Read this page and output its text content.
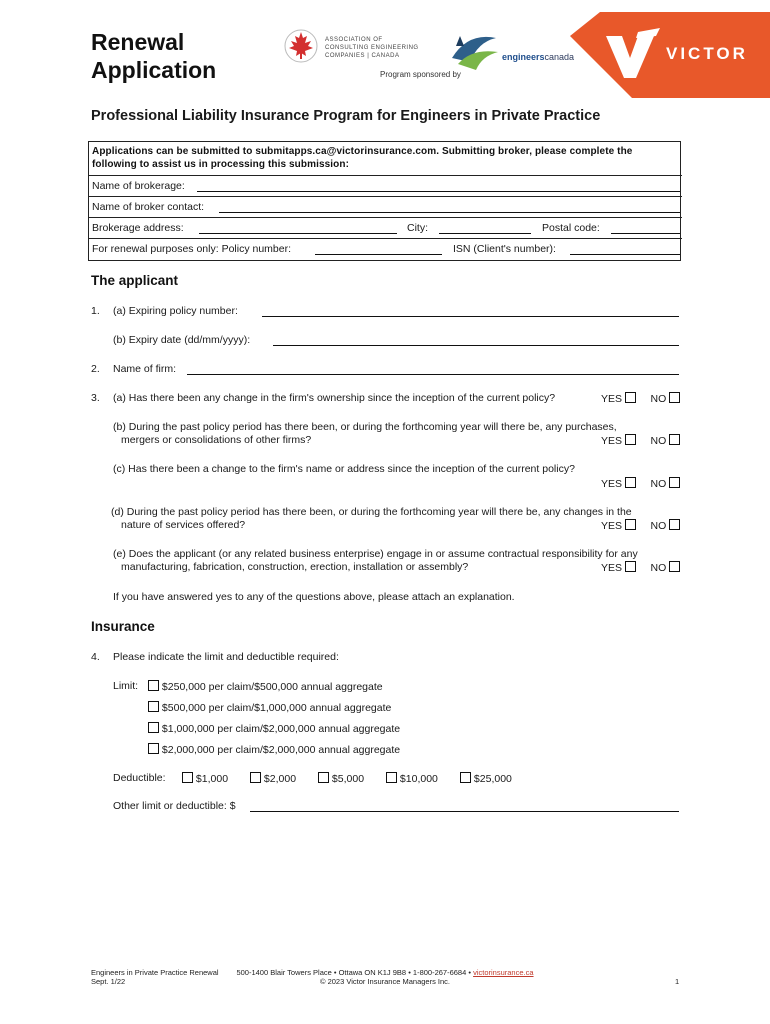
Renewal
Application
ASSOCIATION OF CONSULTING ENGINEERING COMPANIES | CANADA	engineerscanada
Program sponsored by
VICTOR
Professional Liability Insurance Program for Engineers in Private Practice
Applications can be submitted to submitapps.ca@victorinsurance.com. Submitting broker, please complete the following to assist us in processing this submission:
Name of brokerage:
Name of broker contact:
Brokerage address:	City:	Postal code:
For renewal purposes only: Policy number:	ISN (Client's number):
The applicant
1. (a) Expiring policy number:
(b) Expiry date (dd/mm/yyyy):
2. Name of firm:
3. (a) Has there been any change in the firm's ownership since the inception of the current policy?	YES	NO
(b) During the past policy period has there been, or during the forthcoming year will there be, any purchases,
mergers or consolidations of other firms?	YES	NO
(c) Has there been a change to the firm's name or address since the inception of the current policy?
YES	NO
(d) During the past policy period has there been, or during the forthcoming year will there be, any changes in the
nature of services offered?	YES	NO
(e) Does the applicant (or any related business enterprise) engage in or assume contractual responsibility for any
manufacturing, fabrication, construction, erection, installation or assembly?	YES	NO
If you have answered yes to any of the questions above, please attach an explanation.
Insurance
4. Please indicate the limit and deductible required:
Limit:	$250,000 per claim/$500,000 annual aggregate
$500,000 per claim/$1,000,000 annual aggregate
$1,000,000 per claim/$2,000,000 annual aggregate
$2,000,000 per claim/$2,000,000 annual aggregate
Deductible:	$1,000	$2,000	$5,000	$10,000	$25,000
Other limit or deductible: $
Engineers in Private Practice Renewal
Sept. 1/22
500-1400 Blair Towers Place • Ottawa ON K1J 9B8 • 1-800-267-6684 • victorinsurance.ca
© 2023 Victor Insurance Managers Inc.	1
